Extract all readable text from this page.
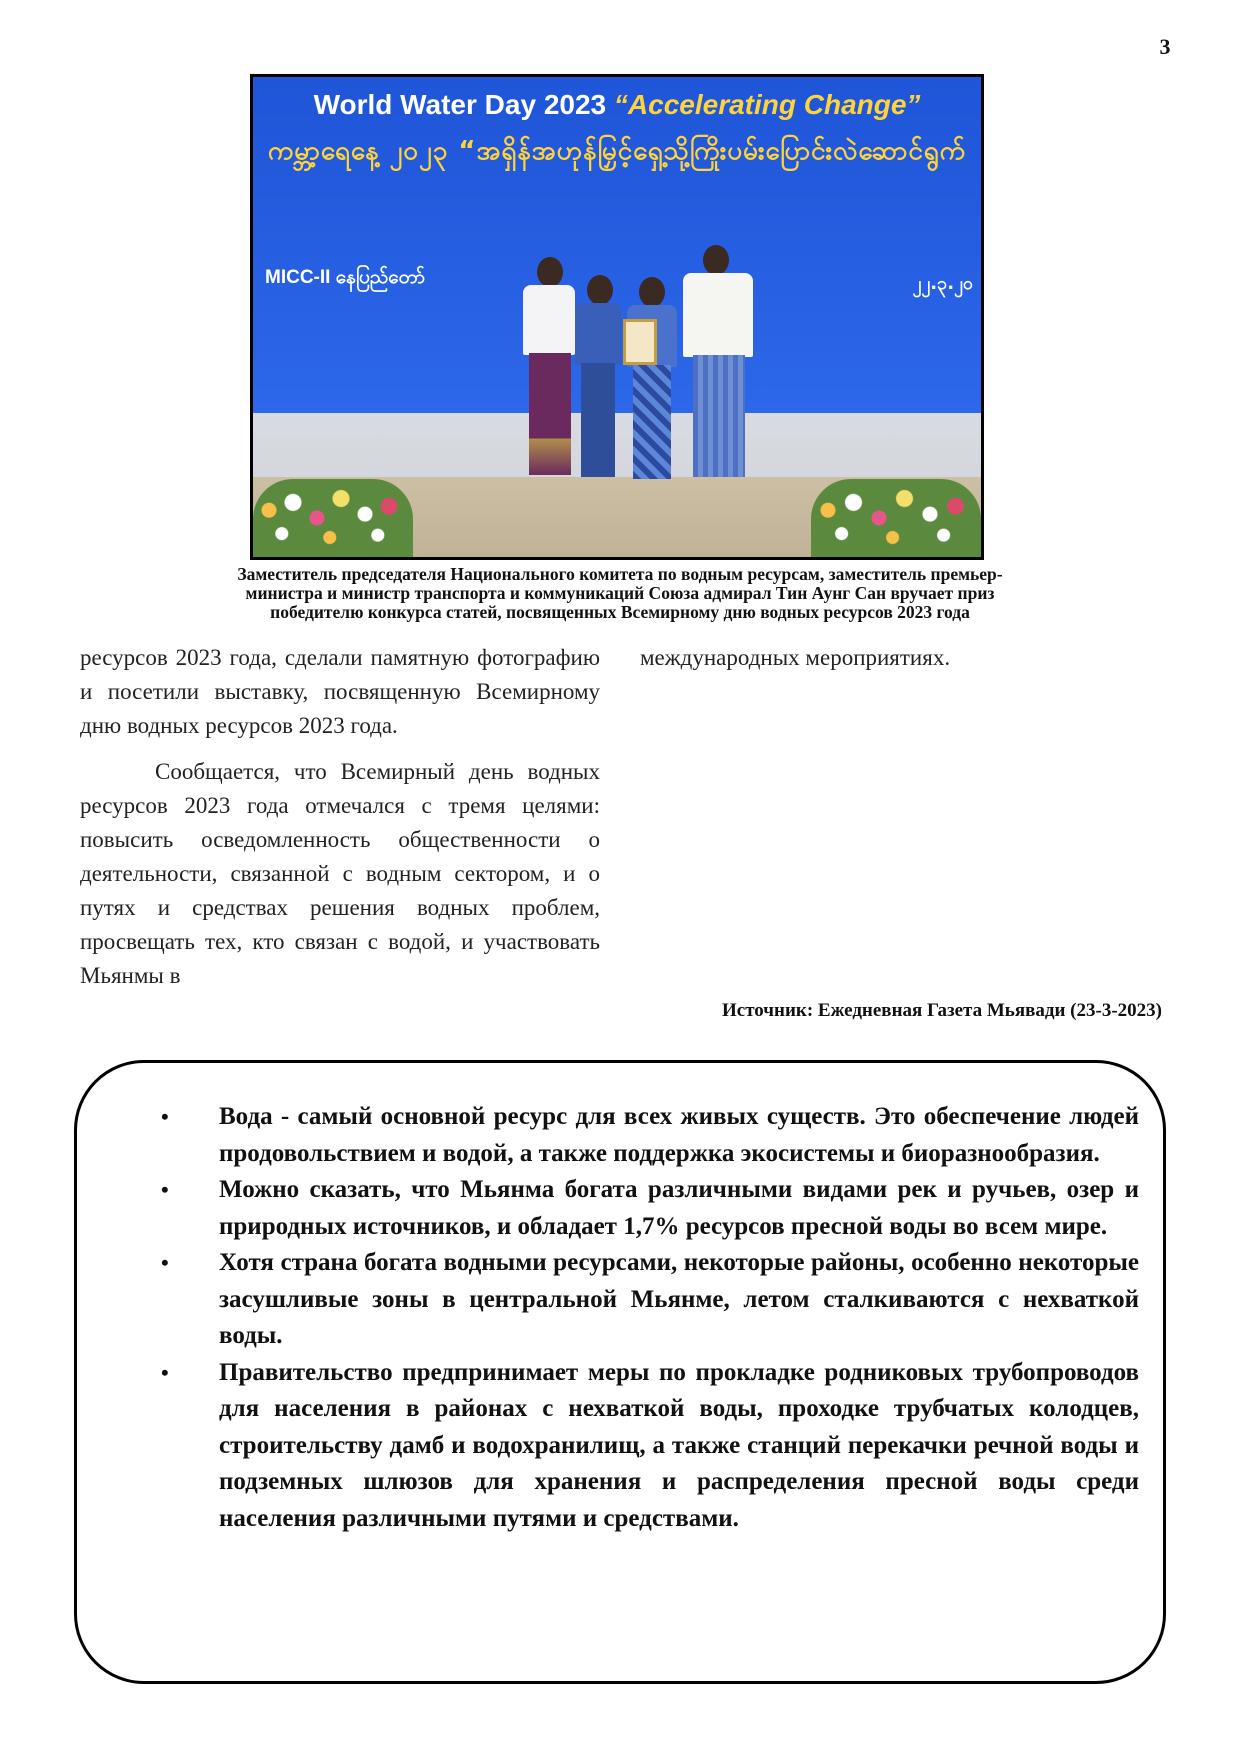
3
World Water Day 2023 “Accelerating Change”
ကမ္ဘာ့ရေနေ့ ၂၀၂၃ “အရှိန်အဟုန်မြှင့်ရှေ့သို့ကြိုးပမ်းပြောင်းလဲဆောင်ရွက်
MICC-II နေပြည်တော်	၂၂.၃.၂၀
Заместитель председателя Национального комитета по водным ресурсам, заместитель премьер-
министра и министр транспорта и коммуникаций Союза адмирал Тин Аунг Сан вручает приз
победителю конкурса статей, посвященных Всемирному дню водных ресурсов 2023 года

ресурсов 2023 года, сделали памятную фотографию и посетили выставку, посвященную Всемирному дню водных ресурсов 2023 года.

Сообщается, что Всемирный день водных ресурсов 2023 года отмечался с тремя целями: повысить осведомленность общественности о деятельности, связанной с водным сектором, и о путях и средствах решения водных проблем, просвещать тех, кто связан с водой, и участвовать Мьянмы в

международных мероприятиях.
Источник: Ежедневная Газета Мьявади (23-3-2023)
• Вода - самый основной ресурс для всех живых существ. Это обеспечение людей продовольствием и водой, а также поддержка экосистемы и биоразнообразия.
• Можно сказать, что Мьянма богата различными видами рек и ручьев, озер и природных источников, и обладает 1,7% ресурсов пресной воды во всем мире.
• Хотя страна богата водными ресурсами, некоторые районы, особенно некоторые засушливые зоны в центральной Мьянме, летом сталкиваются с нехваткой воды.
• Правительство предпринимает меры по прокладке родниковых трубопроводов для населения в районах с нехваткой воды, проходке трубчатых колодцев, строительству дамб и водохранилищ, а также станций перекачки речной воды и подземных шлюзов для хранения и распределения пресной воды среди населения различными путями и средствами.
